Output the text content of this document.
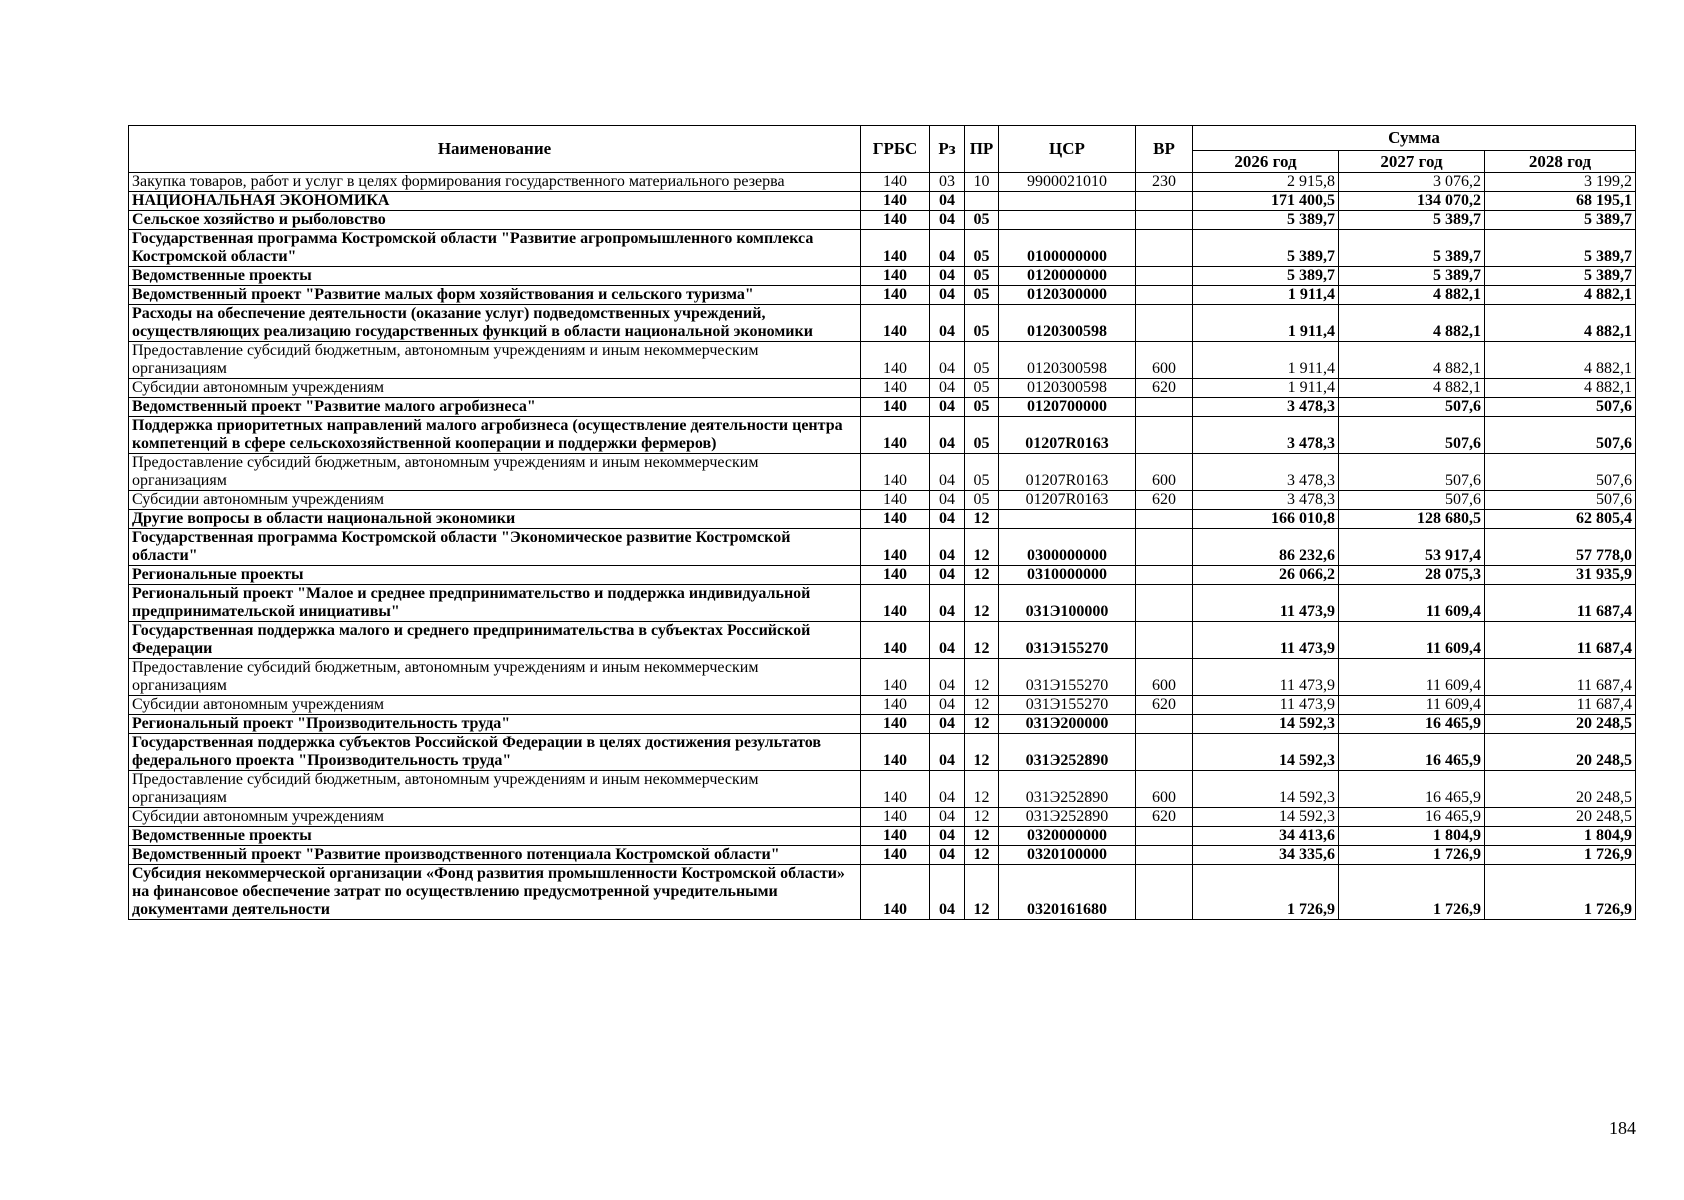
Наименование	ГРБС	Рз	ПР	ЦСР	ВР	Сумма		
						2026 год	2027 год	2028 год
Закупка товаров, работ и услуг в целях формирования государственного материального резерва	140	03	10	9900021010	230	2 915,8	3 076,2	3 199,2
НАЦИОНАЛЬНАЯ ЭКОНОМИКА	140	04				171 400,5	134 070,2	68 195,1
Сельское хозяйство и рыболовство	140	04	05			5 389,7	5 389,7	5 389,7
Государственная программа Костромской области "Развитие агропромышленного комплекса Костромской области"	140	04	05	0100000000		5 389,7	5 389,7	5 389,7
Ведомственные проекты	140	04	05	0120000000		5 389,7	5 389,7	5 389,7
Ведомственный проект "Развитие малых форм хозяйствования и сельского туризма"	140	04	05	0120300000		1 911,4	4 882,1	4 882,1
Расходы на обеспечение деятельности (оказание услуг) подведомственных учреждений, осуществляющих реализацию государственных функций в области национальной экономики	140	04	05	0120300598		1 911,4	4 882,1	4 882,1
Предоставление субсидий бюджетным, автономным учреждениям и иным некоммерческим организациям	140	04	05	0120300598	600	1 911,4	4 882,1	4 882,1
Субсидии автономным учреждениям	140	04	05	0120300598	620	1 911,4	4 882,1	4 882,1
Ведомственный проект "Развитие малого агробизнеса"	140	04	05	0120700000		3 478,3	507,6	507,6
Поддержка приоритетных направлений малого агробизнеса (осуществление деятельности центра компетенций в сфере сельскохозяйственной кооперации и поддержки фермеров)	140	04	05	01207R0163		3 478,3	507,6	507,6
Предоставление субсидий бюджетным, автономным учреждениям и иным некоммерческим организациям	140	04	05	01207R0163	600	3 478,3	507,6	507,6
Субсидии автономным учреждениям	140	04	05	01207R0163	620	3 478,3	507,6	507,6
Другие вопросы в области национальной экономики	140	04	12			166 010,8	128 680,5	62 805,4
Государственная программа Костромской области "Экономическое развитие Костромской области"	140	04	12	0300000000		86 232,6	53 917,4	57 778,0
Региональные проекты	140	04	12	0310000000		26 066,2	28 075,3	31 935,9
Региональный проект "Малое и среднее предпринимательство и поддержка индивидуальной предпринимательской инициативы"	140	04	12	031Э100000		11 473,9	11 609,4	11 687,4
Государственная поддержка малого и среднего предпринимательства в субъектах Российской Федерации	140	04	12	031Э155270		11 473,9	11 609,4	11 687,4
Предоставление субсидий бюджетным, автономным учреждениям и иным некоммерческим организациям	140	04	12	031Э155270	600	11 473,9	11 609,4	11 687,4
Субсидии автономным учреждениям	140	04	12	031Э155270	620	11 473,9	11 609,4	11 687,4
Региональный проект "Производительность труда"	140	04	12	031Э200000		14 592,3	16 465,9	20 248,5
Государственная поддержка субъектов Российской Федерации в целях достижения результатов федерального проекта "Производительность труда"	140	04	12	031Э252890		14 592,3	16 465,9	20 248,5
Предоставление субсидий бюджетным, автономным учреждениям и иным некоммерческим организациям	140	04	12	031Э252890	600	14 592,3	16 465,9	20 248,5
Субсидии автономным учреждениям	140	04	12	031Э252890	620	14 592,3	16 465,9	20 248,5
Ведомственные проекты	140	04	12	0320000000		34 413,6	1 804,9	1 804,9
Ведомственный проект "Развитие производственного потенциала Костромской области"	140	04	12	0320100000		34 335,6	1 726,9	1 726,9
Субсидия некоммерческой организации «Фонд развития промышленности Костромской области» на финансовое обеспечение затрат по осуществлению предусмотренной учредительными документами деятельности	140	04	12	0320161680		1 726,9	1 726,9	1 726,9
184
